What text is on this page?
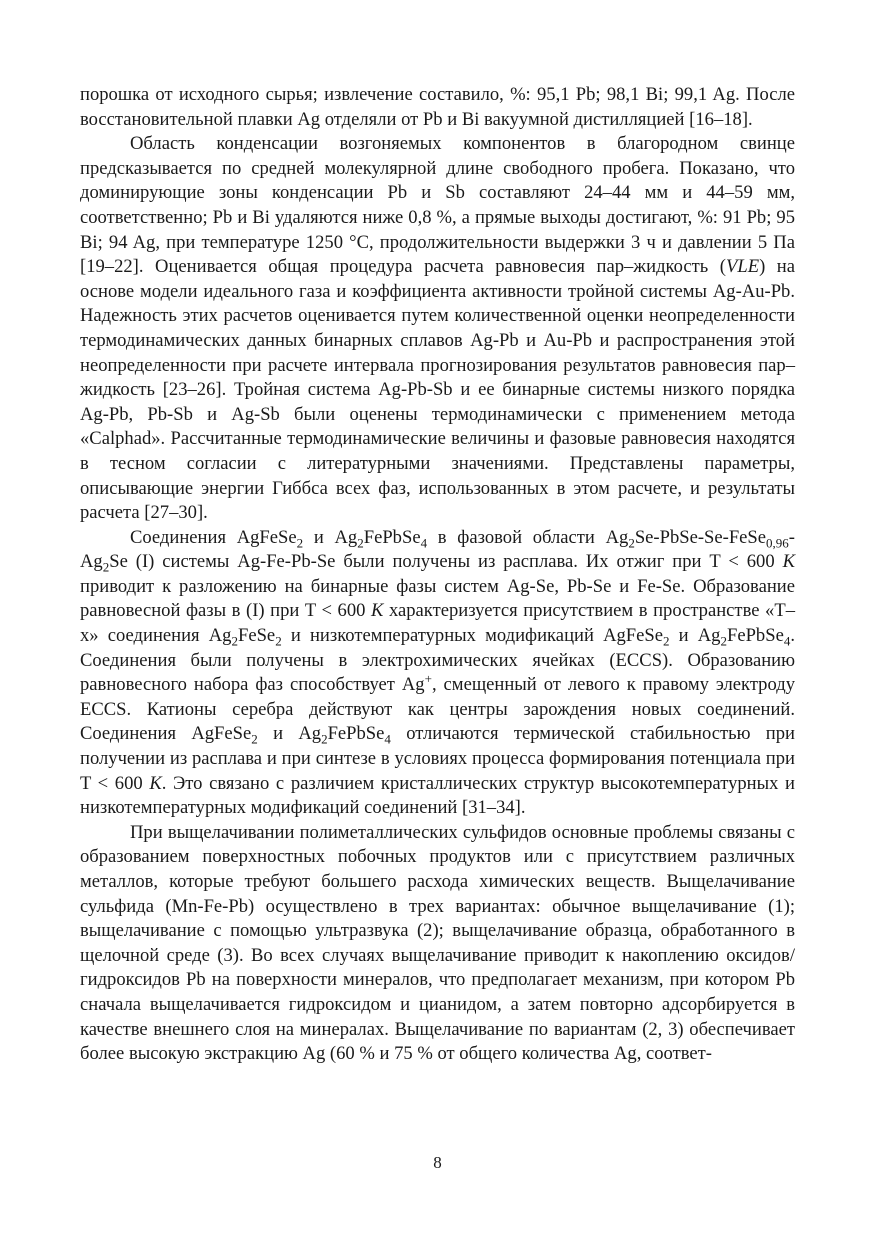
порошка от исходного сырья; извлечение составило, %: 95,1 Pb; 98,1 Bi; 99,1 Ag. После восстановительной плавки Ag отделяли от Pb и Bi вакуумной дистилляцией [16–18].

Область конденсации возгоняемых компонентов в благородном свинце предсказывается по средней молекулярной длине свободного пробега. Показано, что доминирующие зоны конденсации Pb и Sb составляют 24–44 мм и 44–59 мм, соответственно; Pb и Bi удаляются ниже 0,8 %, а прямые выходы достигают, %: 91 Pb; 95 Bi; 94 Ag, при температуре 1250 °C, продолжительности выдержки 3 ч и давлении 5 Па [19–22]. Оценивается общая процедура расчета равновесия пар–жидкость (VLE) на основе модели идеального газа и коэффициента активности тройной системы Ag-Au-Pb. Надежность этих расчетов оценивается путем количественной оценки неопределенности термодинамических данных бинарных сплавов Ag-Pb и Au-Pb и распространения этой неопределенности при расчете интервала прогнозирования результатов равновесия пар–жидкость [23–26]. Тройная система Ag-Pb-Sb и ее бинарные системы низкого порядка Ag-Pb, Pb-Sb и Ag-Sb были оценены термодинамически с применением метода «Calphad». Рассчитанные термодинамические величины и фазовые равновесия находятся в тесном согласии с литературными значениями. Представлены параметры, описывающие энергии Гиббса всех фаз, использованных в этом расчете, и результаты расчета [27–30].

Соединения AgFeSe$_2$ и $Ag_2FePbSe_4$ в фазовой области $Ag_2Se-PbSe-Se-FeSe_{0,96}-Ag_2Se$ (I) системы Ag-Fe-Pb-Se были получены из расплава. Их отжиг при T < 600 K приводит к разложению на бинарные фазы систем Ag-Se, Pb-Se и Fe-Se. Образование равновесной фазы в (I) при T < 600 K характеризуется присутствием в пространстве «T–x» соединения $Ag_2FeSe_2$ и низкотемпературных модификаций AgFeSe$_2$ и $Ag_2FePbSe_4$. Соединения были получены в электрохимических ячейках (ECCS). Образованию равновесного набора фаз способствует Ag+, смещенный от левого к правому электроду ECCS. Катионы серебра действуют как центры зарождения новых соединений. Соединения AgFeSe$_2$ и $Ag_2FePbSe_4$ отличаются термической стабильностью при получении из расплава и при синтезе в условиях процесса формирования потенциала при T < 600 K. Это связано с различием кристаллических структур высокотемпературных и низкотемпературных модификаций соединений [31–34].

При выщелачивании полиметаллических сульфидов основные проблемы связаны с образованием поверхностных побочных продуктов или с присутствием различных металлов, которые требуют большего расхода химических веществ. Выщелачивание сульфида (Mn-Fe-Pb) осуществлено в трех вариантах: обычное выщелачивание (1); выщелачивание с помощью ультразвука (2); выщелачивание образца, обработанного в щелочной среде (3). Во всех случаях выщелачивание приводит к накоплению оксидов/гидроксидов Pb на поверхности минералов, что предполагает механизм, при котором Pb сначала выщелачивается гидроксидом и цианидом, а затем повторно адсорбируется в качестве внешнего слоя на минералах. Выщелачивание по вариантам (2, 3) обеспечивает более высокую экстракцию Ag (60 % и 75 % от общего количества Ag, соответ-

8
